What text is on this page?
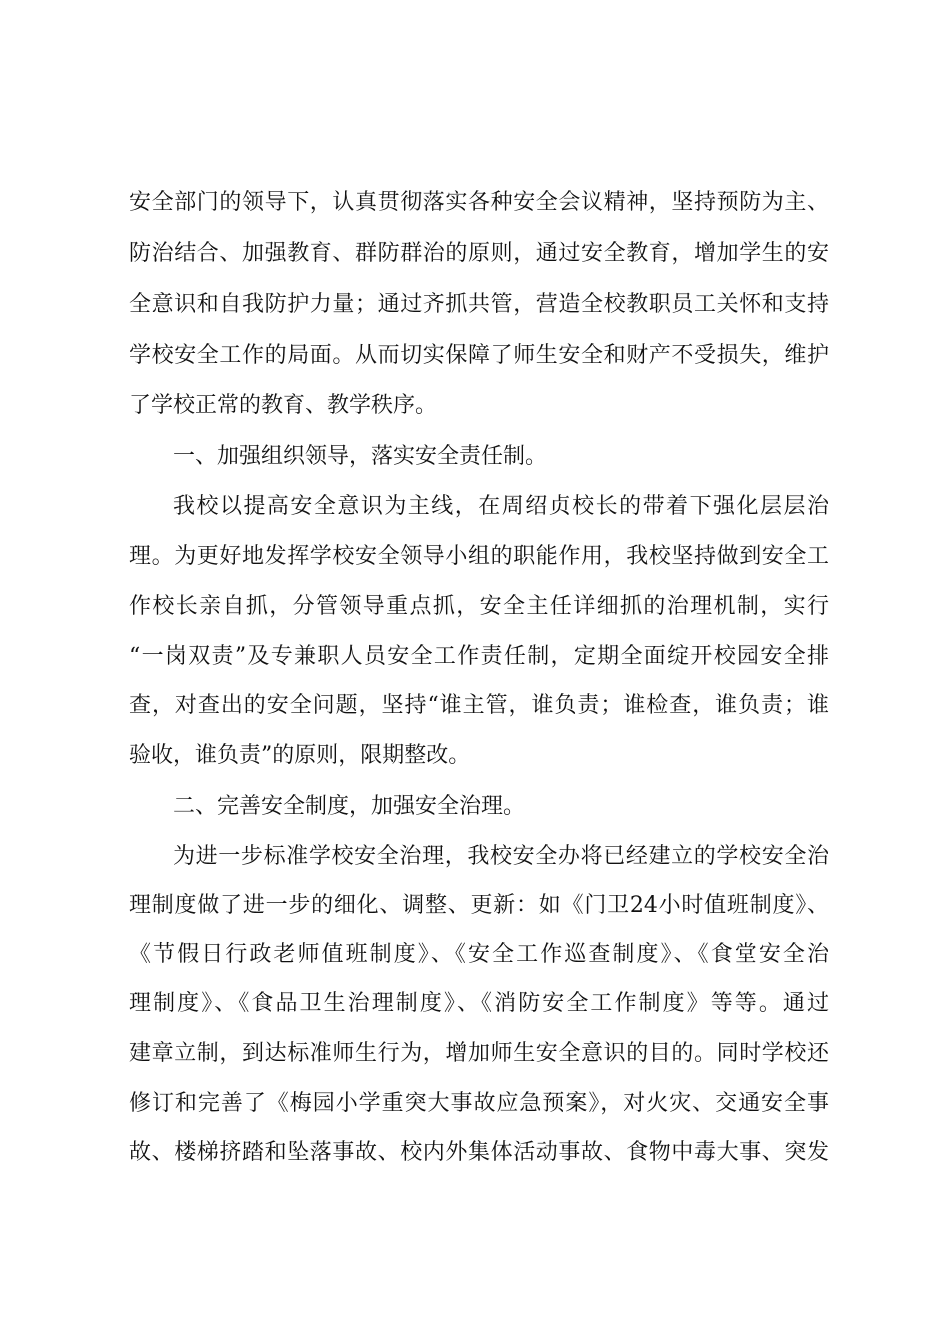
安全部门的领导下，认真贯彻落实各种安全会议精神，坚持预防为主、
防治结合、加强教育、群防群治的原则，通过安全教育，增加学生的安
全意识和自我防护力量；通过齐抓共管，营造全校教职员工关怀和支持
学校安全工作的局面。从而切实保障了师生安全和财产不受损失，维护
了学校正常的教育、教学秩序。
一、加强组织领导，落实安全责任制。
我校以提高安全意识为主线，在周绍贞校长的带着下强化层层治
理。为更好地发挥学校安全领导小组的职能作用，我校坚持做到安全工
作校长亲自抓，分管领导重点抓，安全主任详细抓的治理机制，实行
“一岗双责”及专兼职人员安全工作责任制，定期全面绽开校园安全排
查，对查出的安全问题，坚持“谁主管，谁负责；谁检查，谁负责；谁
验收，谁负责”的原则，限期整改。
二、完善安全制度，加强安全治理。
为进一步标准学校安全治理，我校安全办将已经建立的学校安全治
理制度做了进一步的细化、调整、更新：如《门卫24小时值班制度》、
《节假日行政老师值班制度》、《安全工作巡查制度》、《食堂安全治
理制度》、《食品卫生治理制度》、《消防安全工作制度》等等。通过
建章立制，到达标准师生行为，增加师生安全意识的目的。同时学校还
修订和完善了《梅园小学重突大事故应急预案》，对火灾、交通安全事
故、楼梯挤踏和坠落事故、校内外集体活动事故、食物中毒大事、突发
